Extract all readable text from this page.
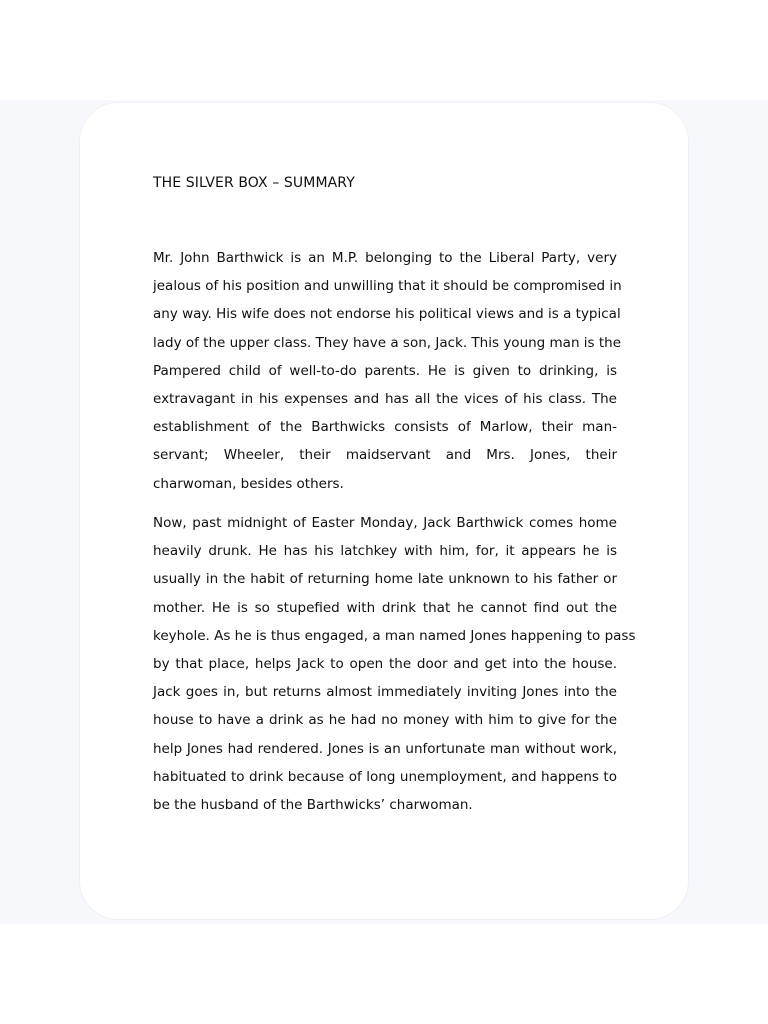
THE SILVER BOX – SUMMARY
Mr. John Barthwick is an M.P. belonging to the Liberal Party, very
jealous of his position and unwilling that it should be compromised in
any way. His wife does not endorse his political views and is a typical
lady of the upper class. They have a son, Jack. This young man is the
Pampered child of well-to-do parents. He is given to drinking, is
extravagant in his expenses and has all the vices of his class. The
establishment of the Barthwicks consists of Marlow, their man-
servant; Wheeler, their maidservant and Mrs. Jones, their
charwoman, besides others.
Now, past midnight of Easter Monday, Jack Barthwick comes home
heavily drunk. He has his latchkey with him, for, it appears he is
usually in the habit of returning home late unknown to his father or
mother. He is so stupefied with drink that he cannot find out the
keyhole. As he is thus engaged, a man named Jones happening to pass
by that place, helps Jack to open the door and get into the house.
Jack goes in, but returns almost immediately inviting Jones into the
house to have a drink as he had no money with him to give for the
help Jones had rendered. Jones is an unfortunate man without work,
habituated to drink because of long unemployment, and happens to
be the husband of the Barthwicks’ charwoman.
